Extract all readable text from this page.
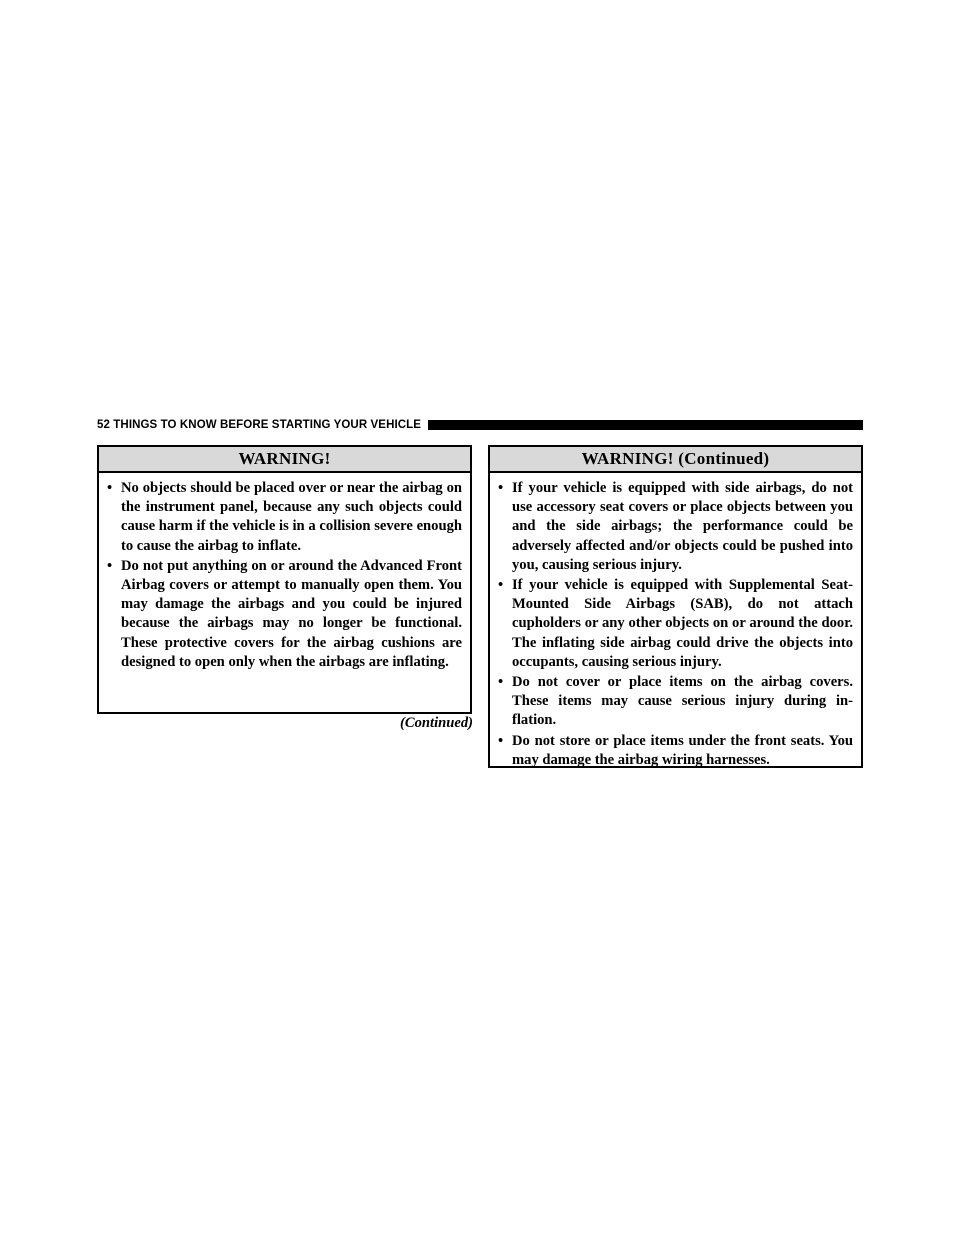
52 THINGS TO KNOW BEFORE STARTING YOUR VEHICLE
WARNING!
• No objects should be placed over or near the airbag on the instrument panel, because any such objects could cause harm if the vehicle is in a collision severe enough to cause the airbag to inflate.
• Do not put anything on or around the Advanced Front Airbag covers or attempt to manually open them. You may damage the airbags and you could be injured because the airbags may no longer be functional. These protective covers for the airbag cushions are designed to open only when the airbags are inflating.
(Continued)
WARNING! (Continued)
• If your vehicle is equipped with side airbags, do not use accessory seat covers or place objects between you and the side airbags; the performance could be adversely affected and/or objects could be pushed into you, causing serious injury.
• If your vehicle is equipped with Supplemental Seat-Mounted Side Airbags (SAB), do not attach cupholders or any other objects on or around the door. The inflating side airbag could drive the objects into occupants, causing serious injury.
• Do not cover or place items on the airbag covers. These items may cause serious injury during in-flation.
• Do not store or place items under the front seats. You may damage the airbag wiring harnesses.
